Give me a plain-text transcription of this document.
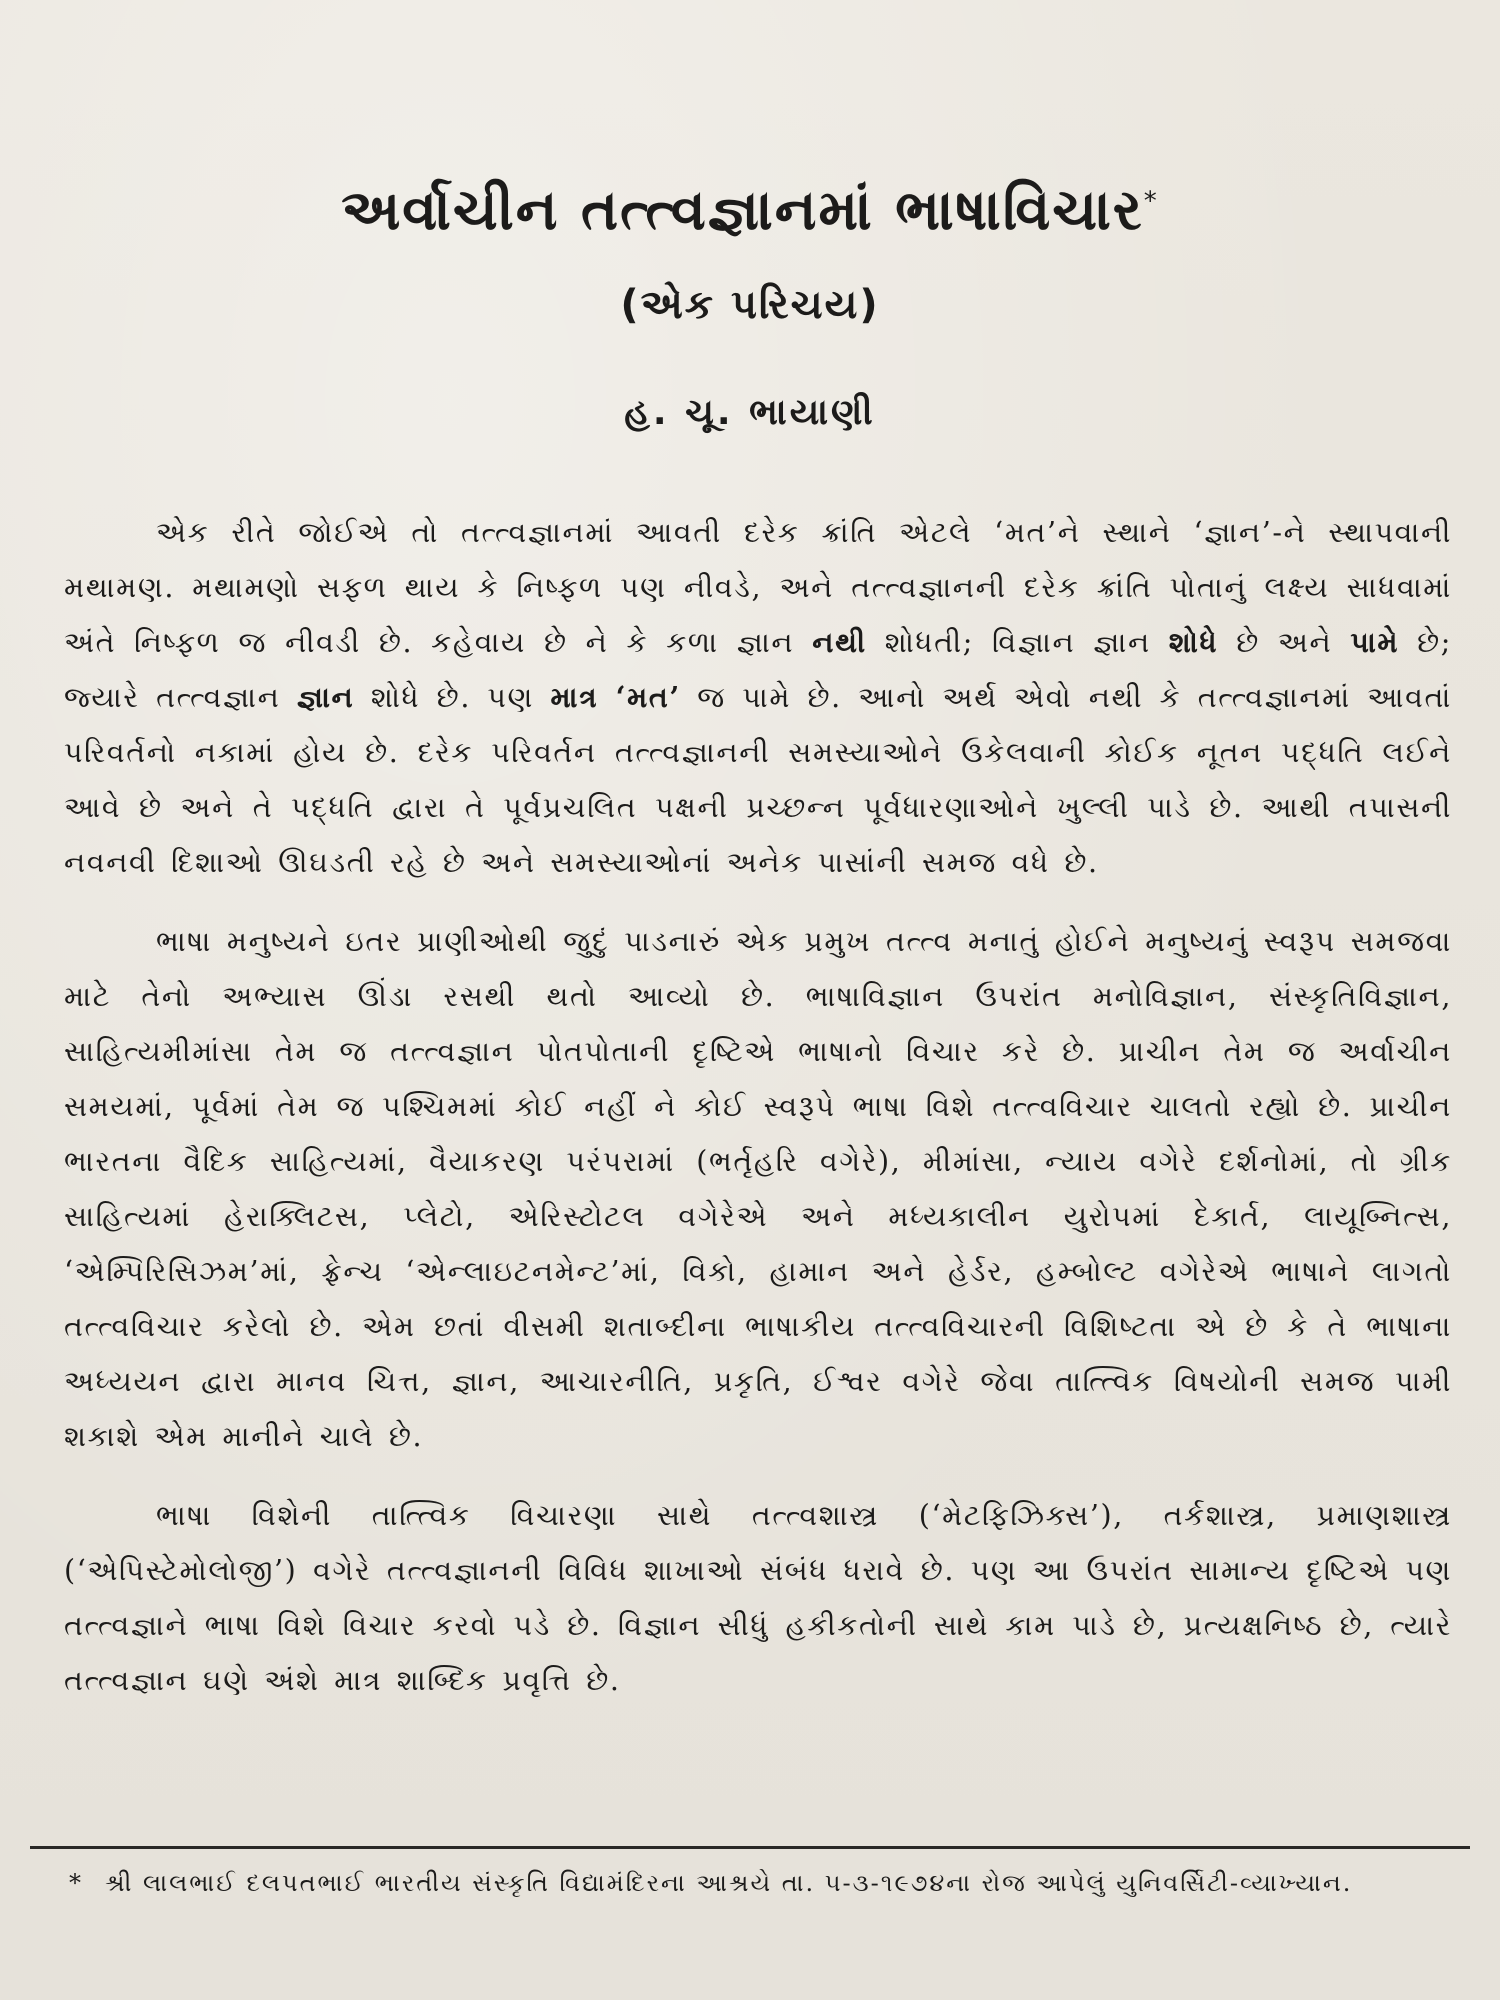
અર્વાચીન તત્ત્વજ્ઞાનમાં ભાષાવિચાર*
(એક પરિચય)
હ. ચૂ. ભાયાણી

એક રીતે જોઈએ તો તત્ત્વજ્ઞાનમાં આવતી દરેક ક્રાંતિ એટલે ‘મત’ને સ્થાને ‘જ્ઞાન’-ને સ્થાપવાની મથામણ. મથામણો સફળ થાય કે નિષ્ફળ પણ નીવડે, અને તત્ત્વજ્ઞાનની દરેક ક્રાંતિ પોતાનું લક્ષ્ય સાધવામાં અંતે નિષ્ફળ જ નીવડી છે. કહેવાય છે ને કે કળા જ્ઞાન નથી શોધતી; વિજ્ઞાન જ્ઞાન શોધે છે અને પામે છે; જ્યારે તત્ત્વજ્ઞાન જ્ઞાન શોધે છે. પણ માત્ર ‘મત’ જ પામે છે. આનો અર્થ એવો નથી કે તત્ત્વજ્ઞાનમાં આવતાં પરિવર્તનો નકામાં હોય છે. દરેક પરિવર્તન તત્ત્વજ્ઞાનની સમસ્યાઓને ઉકેલવાની કોઈક નૂતન પદ્ધતિ લઈને આવે છે અને તે પદ્ધતિ દ્વારા તે પૂર્વપ્રચલિત પક્ષની પ્રચ્છન્ન પૂર્વધારણાઓને ખુલ્લી પાડે છે. આથી તપાસની નવનવી દિશાઓ ઊઘડતી રહે છે અને સમસ્યાઓનાં અનેક પાસાંની સમજ વધે છે.

ભાષા મનુષ્યને ઇતર પ્રાણીઓથી જુદું પાડનારું એક પ્રમુખ તત્ત્વ મનાતું હોઈને મનુષ્યનું સ્વરૂપ સમજવા માટે તેનો અભ્યાસ ઊંડા રસથી થતો આવ્યો છે. ભાષાવિજ્ઞાન ઉપરાંત મનોવિજ્ઞાન, સંસ્કૃતિવિજ્ઞાન, સાહિત્યમીમાંસા તેમ જ તત્ત્વજ્ઞાન પોતપોતાની દૃષ્ટિએ ભાષાનો વિચાર કરે છે. પ્રાચીન તેમ જ અર્વાચીન સમયમાં, પૂર્વમાં તેમ જ પશ્ચિમમાં કોઈ નહીં ને કોઈ સ્વરૂપે ભાષા વિશે તત્ત્વવિચાર ચાલતો રહ્યો છે. પ્રાચીન ભારતના વૈદિક સાહિત્યમાં, વૈયાકરણ પરંપરામાં (ભર્તૃહરિ વગેરે), મીમાંસા, ન્યાય વગેરે દર્શનોમાં, તો ગ્રીક સાહિત્યમાં હેરાક્લિટસ, પ્લેટો, એરિસ્ટોટલ વગેરેએ અને મધ્યકાલીન યુરોપમાં દેકાર્ત, લાયૂબ્નિત્સ, ‘એમ્પિરિસિઝમ’માં, ફ્રેન્ચ ‘એન્લાઇટનમેન્ટ’માં, વિકો, હામાન અને હેર્ડર, હમ્બોલ્ટ વગેરેએ ભાષાને લાગતો તત્ત્વવિચાર કરેલો છે. એમ છતાં વીસમી શતાબ્દીના ભાષાકીય તત્ત્વવિચારની વિશિષ્ટતા એ છે કે તે ભાષાના અધ્યયન દ્વારા માનવ ચિત્ત, જ્ઞાન, આચારનીતિ, પ્રકૃતિ, ઈશ્વર વગેરે જેવા તાત્ત્વિક વિષયોની સમજ પામી શકાશે એમ માનીને ચાલે છે.

ભાષા વિશેની તાત્ત્વિક વિચારણા સાથે તત્ત્વશાસ્ત્ર (‘મેટફિઝિક્સ’), તર્કશાસ્ત્ર, પ્રમાણશાસ્ત્ર (‘એપિસ્ટેમોલોજી’) વગેરે તત્ત્વજ્ઞાનની વિવિધ શાખાઓ સંબંધ ધરાવે છે. પણ આ ઉપરાંત સામાન્ય દૃષ્ટિએ પણ તત્ત્વજ્ઞાને ભાષા વિશે વિચાર કરવો પડે છે. વિજ્ઞાન સીધું હકીકતોની સાથે કામ પાડે છે, પ્રત્યક્ષનિષ્ઠ છે, ત્યારે તત્ત્વજ્ઞાન ઘણે અંશે માત્ર શાબ્દિક પ્રવૃત્તિ છે.

* શ્રી લાલભાઈ દલપતભાઈ ભારતીય સંસ્કૃતિ વિદ્યામંદિરના આશ્રયે તા. ૫-૩-૧૯૭૪ના રોજ આપેલું યુનિવર્સિટી-વ્યાખ્યાન.
